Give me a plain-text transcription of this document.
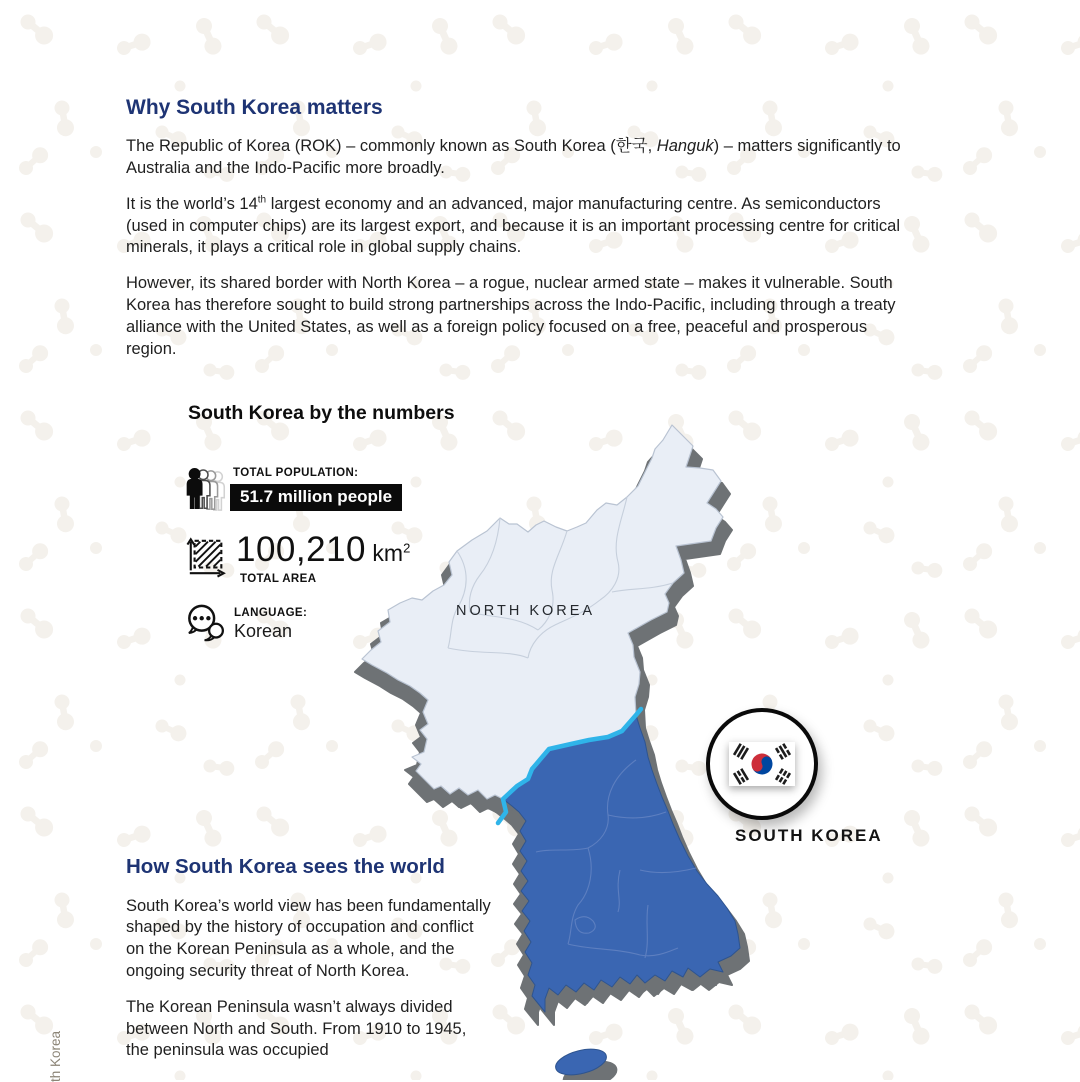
Why South Korea matters

The Republic of Korea (ROK) – commonly known as South Korea (한국, Hanguk) – matters significantly to Australia and the Indo-Pacific more broadly.

It is the world’s 14th largest economy and an advanced, major manufacturing centre. As semiconductors (used in computer chips) are its largest export, and because it is an important processing centre for critical minerals, it plays a critical role in global supply chains.

However, its shared border with North Korea – a rogue, nuclear armed state – makes it vulnerable. South Korea has therefore sought to build strong partnerships across the Indo-Pacific, including through a treaty alliance with the United States, as well as a foreign policy focused on a free, peaceful and prosperous region.

South Korea by the numbers
TOTAL POPULATION:
51.7 million people
100,210 $km^2$
TOTAL AREA
LANGUAGE:
Korean
NORTH KOREA
SOUTH KOREA
How South Korea sees the world

South Korea’s world view has been fundamentally shaped by the history of occupation and conflict on the Korean Peninsula as a whole, and the ongoing security threat of North Korea.

The Korean Peninsula wasn’t always divided between North and South. From 1910 to 1945, the peninsula was occupied

th Korea
